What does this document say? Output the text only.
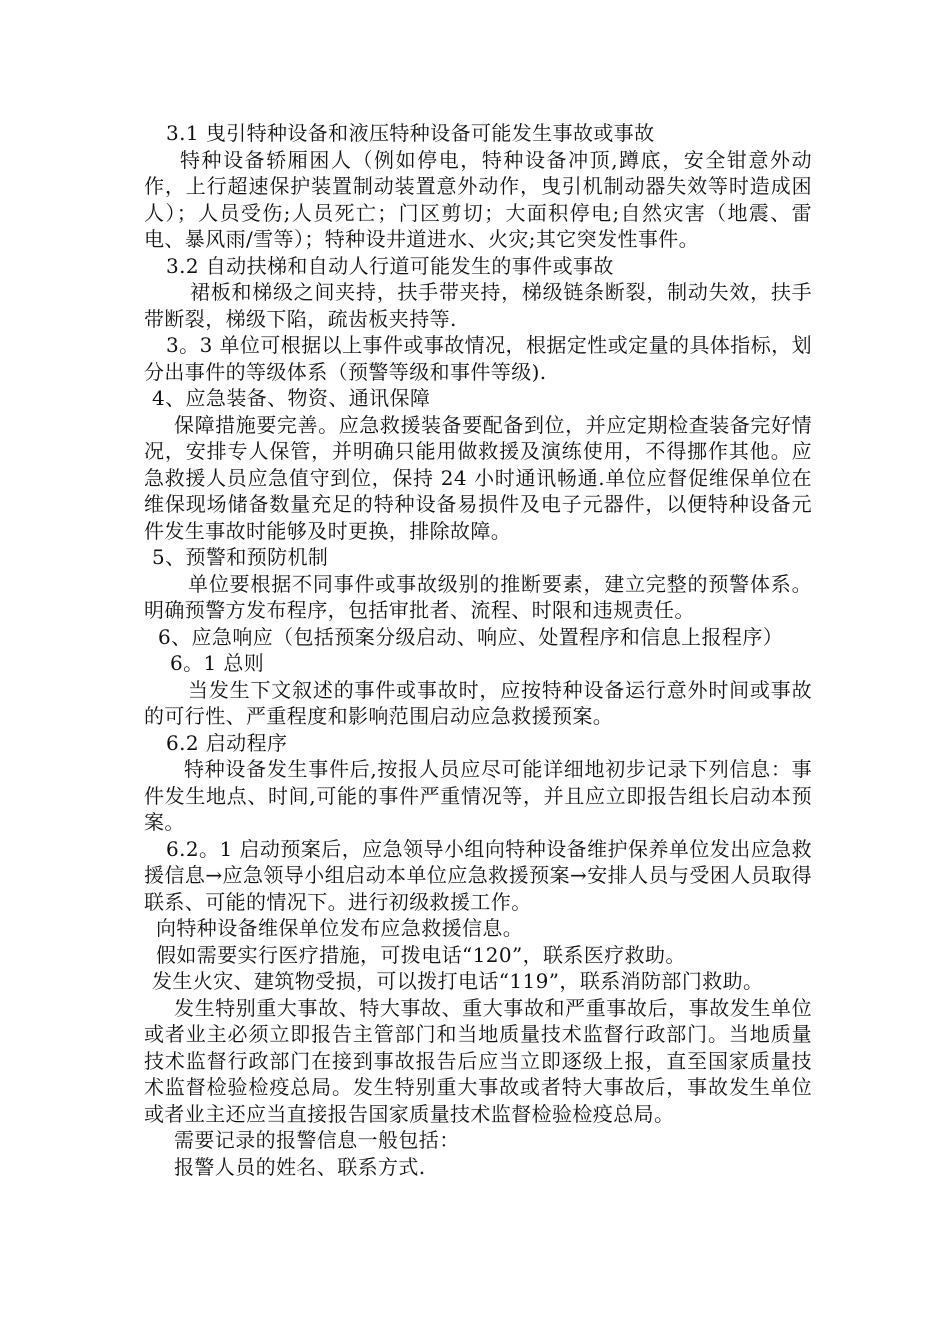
3.1 曳引特种设备和液压特种设备可能发生事故或事故

特种设备轿厢困人（例如停电，特种设备冲顶,蹲底，安全钳意外动作，上行超速保护装置制动装置意外动作，曳引机制动器失效等时造成困人）；人员受伤;人员死亡；门区剪切；大面积停电;自然灾害（地震、雷电、暴风雨/雪等）；特种设井道进水、火灾;其它突发性事件。

3.2 自动扶梯和自动人行道可能发生的事件或事故

裙板和梯级之间夹持，扶手带夹持，梯级链条断裂，制动失效，扶手带断裂，梯级下陷，疏齿板夹持等.

3。3 单位可根据以上事件或事故情况，根据定性或定量的具体指标，划分出事件的等级体系（预警等级和事件等级).

4、应急装备、物资、通讯保障

保障措施要完善。应急救援装备要配备到位，并应定期检查装备完好情况，安排专人保管，并明确只能用做救援及演练使用，不得挪作其他。应急救援人员应急值守到位，保持 24 小时通讯畅通.单位应督促维保单位在维保现场储备数量充足的特种设备易损件及电子元器件，以便特种设备元件发生事故时能够及时更换，排除故障。

5、预警和预防机制

单位要根据不同事件或事故级别的推断要素，建立完整的预警体系。明确预警方发布程序，包括审批者、流程、时限和违规责任。

6、应急响应（包括预案分级启动、响应、处置程序和信息上报程序）

6。1 总则

当发生下文叙述的事件或事故时，应按特种设备运行意外时间或事故的可行性、严重程度和影响范围启动应急救援预案。

6.2 启动程序

特种设备发生事件后,按报人员应尽可能详细地初步记录下列信息：事件发生地点、时间,可能的事件严重情况等，并且应立即报告组长启动本预案。

6.2。1 启动预案后，应急领导小组向特种设备维护保养单位发出应急救援信息→应急领导小组启动本单位应急救援预案→安排人员与受困人员取得联系、可能的情况下。进行初级救援工作。

向特种设备维保单位发布应急救援信息。

假如需要实行医疗措施，可拨电话“120”，联系医疗救助。

发生火灾、建筑物受损，可以拨打电话“119”，联系消防部门救助。

发生特别重大事故、特大事故、重大事故和严重事故后，事故发生单位或者业主必须立即报告主管部门和当地质量技术监督行政部门。当地质量技术监督行政部门在接到事故报告后应当立即逐级上报，直至国家质量技术监督检验检疫总局。发生特别重大事故或者特大事故后，事故发生单位或者业主还应当直接报告国家质量技术监督检验检疫总局。

需要记录的报警信息一般包括：

报警人员的姓名、联系方式.
